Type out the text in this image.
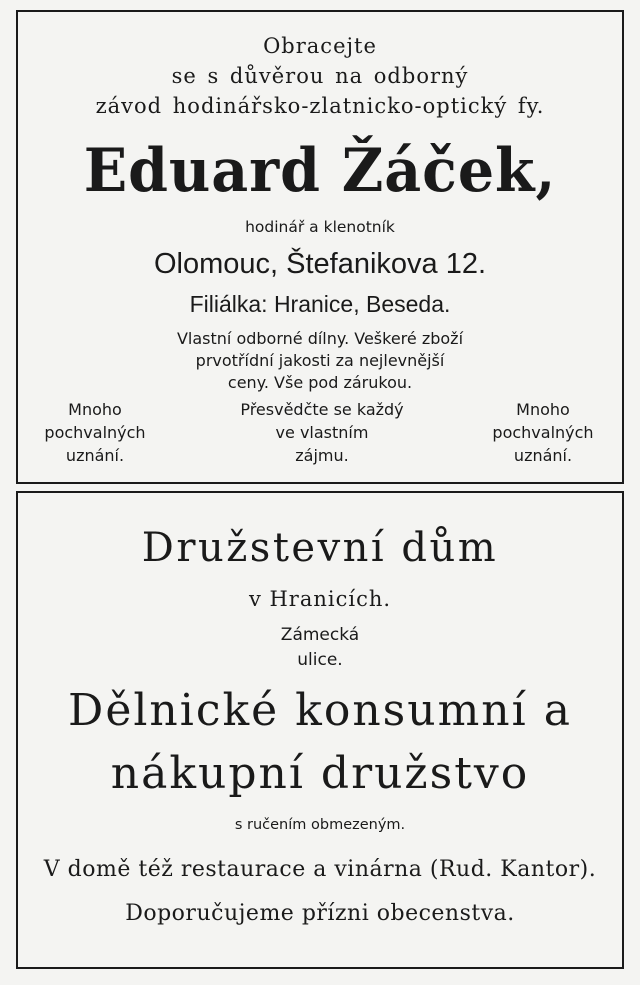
Obracejte
se s důvěrou na odborný
závod hodinářsko-zlatnicko-optický fy.
Eduard Žáček,
hodinář a klenotník
Olomouc, Štefanikova 12.
Filiálka: Hranice, Beseda.
Vlastní odborné dílny. Veškeré zboží
prvotřídní jakosti za nejlevnější
ceny. Vše pod zárukou.
Mnoho
pochvalných
uznání.
Přesvědčte se každý
ve vlastním
zájmu.
Mnoho
pochvalných
uznání.
Družstevní dům
v Hranicích.
Zámecká
ulice.
Dělnické konsumní a
nákupní družstvo
s ručením obmezeným.
V domě též restaurace a vinárna (Rud. Kantor).
Doporučujeme přízni obecenstva.
